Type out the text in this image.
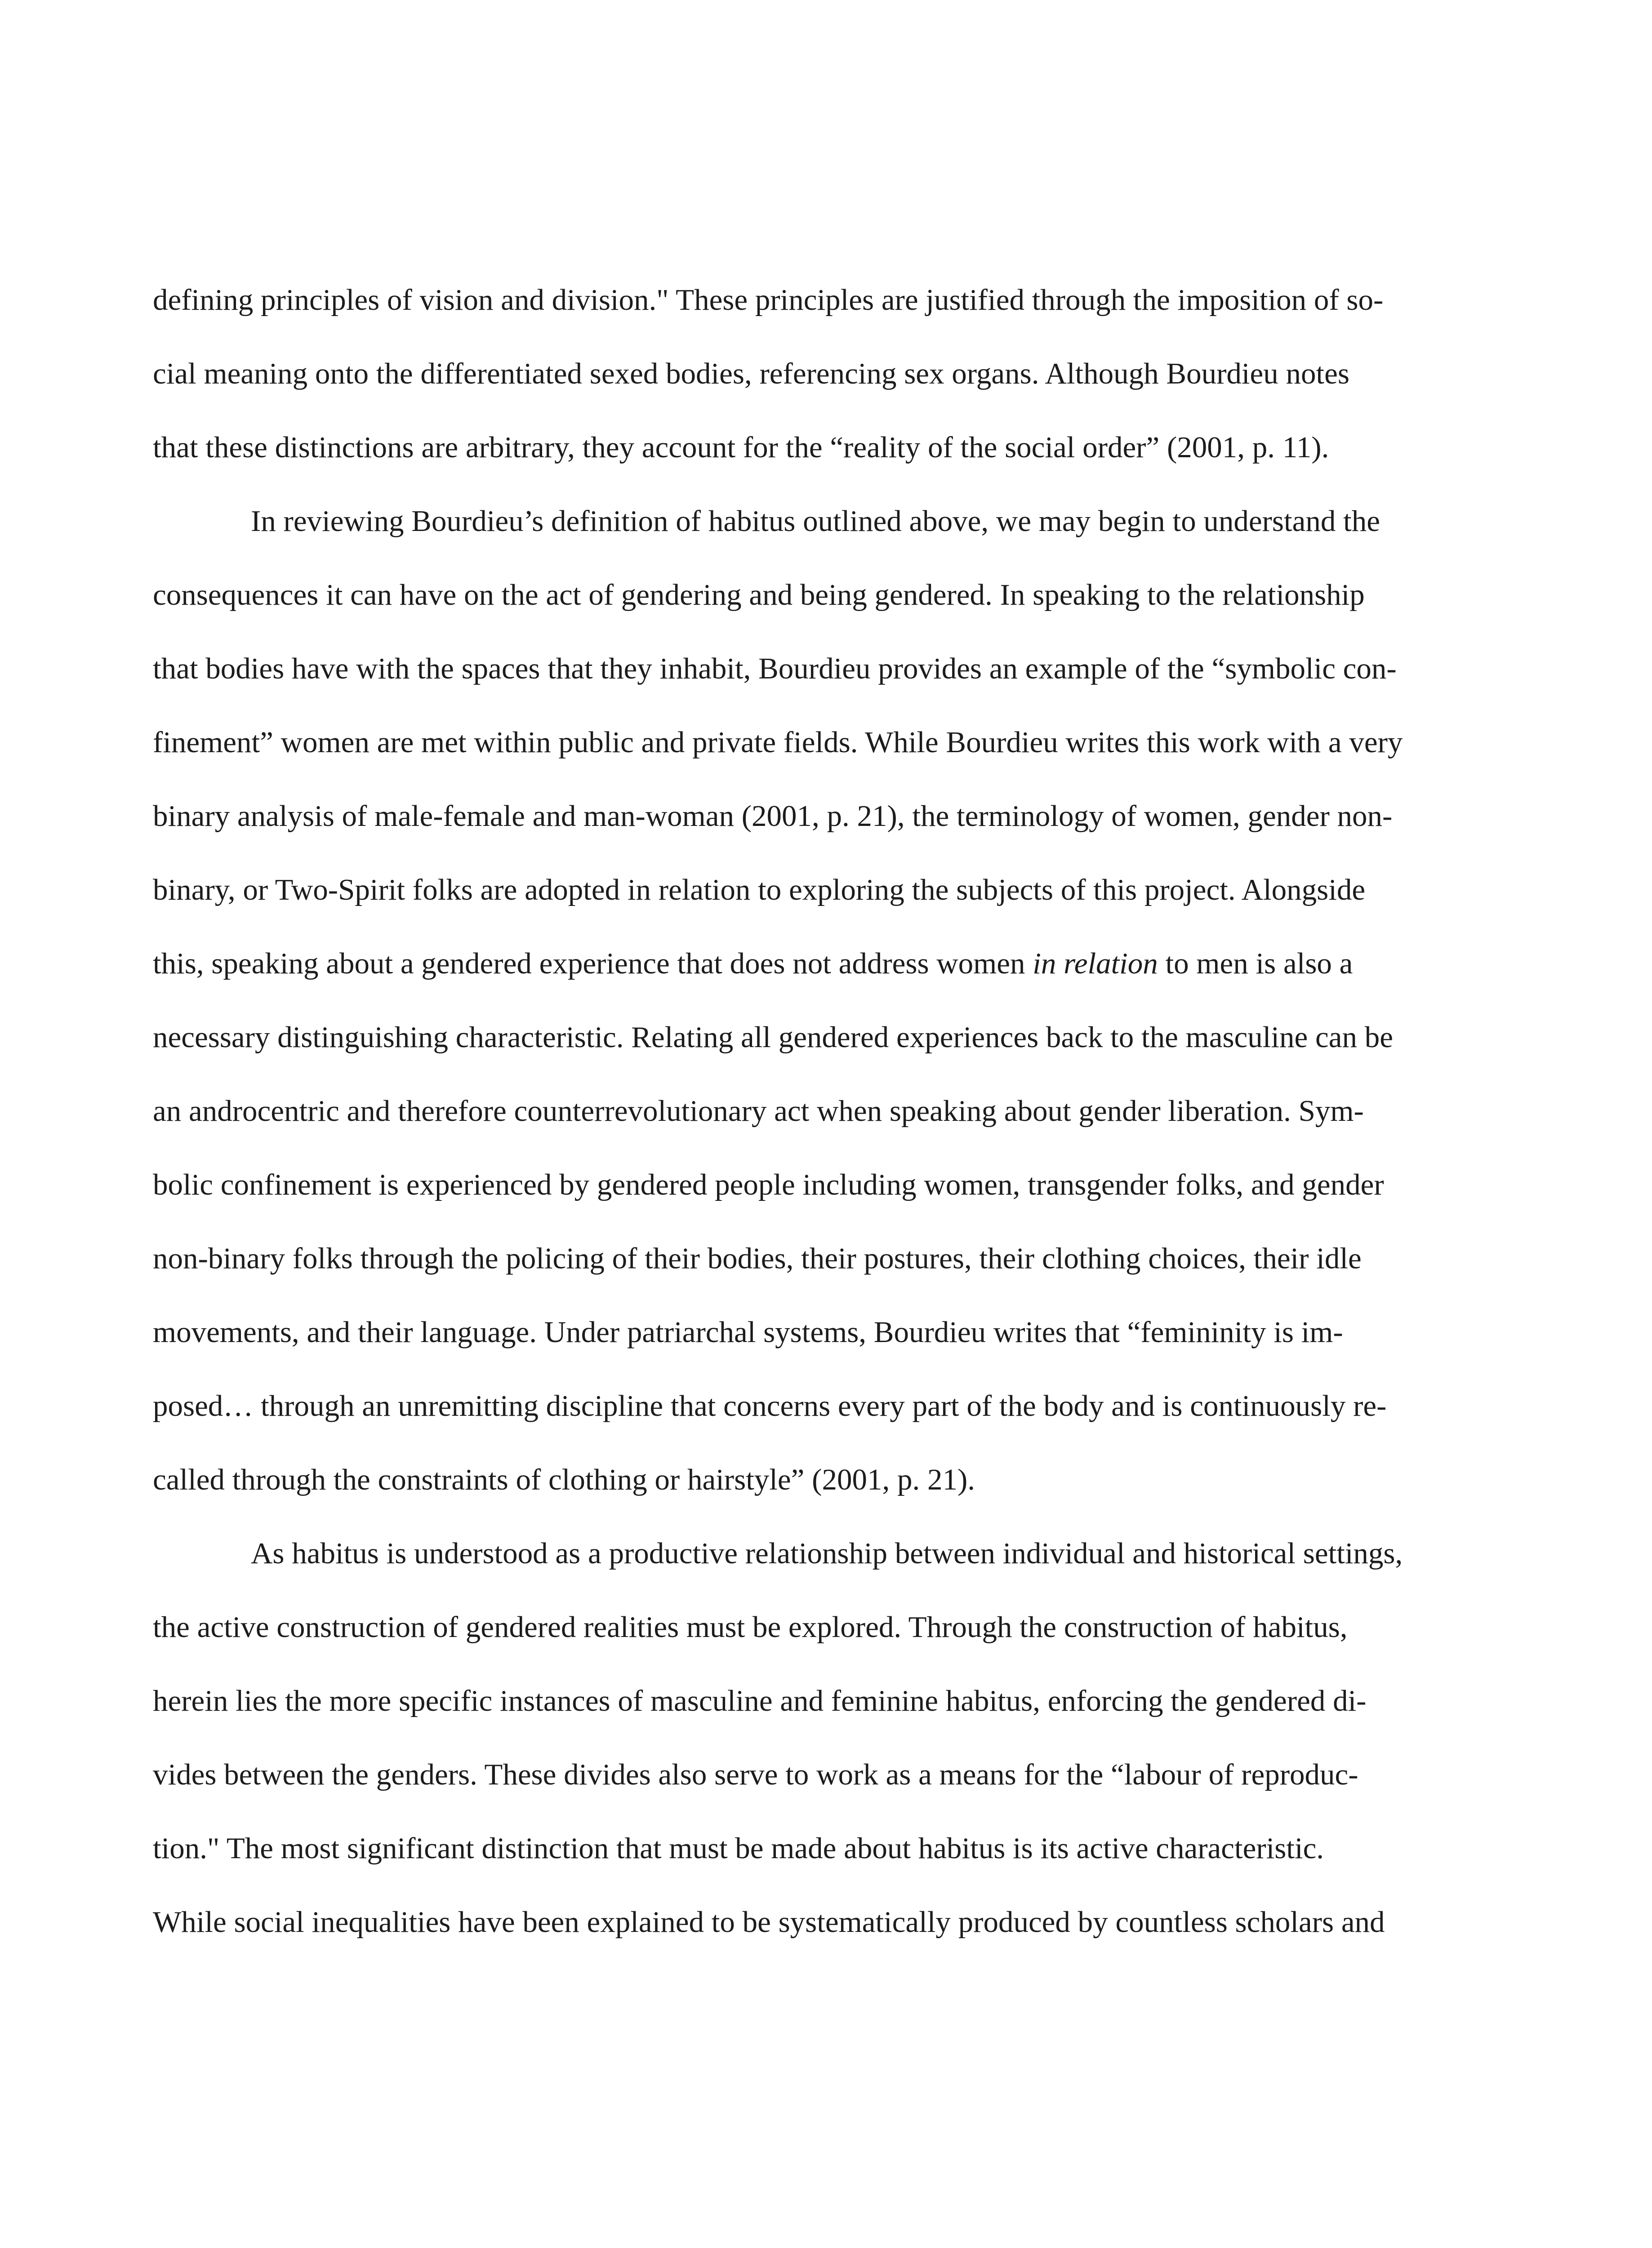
defining principles of vision and division." These principles are justified through the imposition of so-
cial meaning onto the differentiated sexed bodies, referencing sex organs. Although Bourdieu notes
that these distinctions are arbitrary, they account for the “reality of the social order” (2001, p. 11).
In reviewing Bourdieu’s definition of habitus outlined above, we may begin to understand the
consequences it can have on the act of gendering and being gendered. In speaking to the relationship
that bodies have with the spaces that they inhabit, Bourdieu provides an example of the “symbolic con-
finement” women are met within public and private fields. While Bourdieu writes this work with a very
binary analysis of male-female and man-woman (2001, p. 21), the terminology of women, gender non-
binary, or Two-Spirit folks are adopted in relation to exploring the subjects of this project. Alongside
this, speaking about a gendered experience that does not address women in relation to men is also a
necessary distinguishing characteristic. Relating all gendered experiences back to the masculine can be
an androcentric and therefore counterrevolutionary act when speaking about gender liberation. Sym-
bolic confinement is experienced by gendered people including women, transgender folks, and gender
non-binary folks through the policing of their bodies, their postures, their clothing choices, their idle
movements, and their language. Under patriarchal systems, Bourdieu writes that “femininity is im-
posed… through an unremitting discipline that concerns every part of the body and is continuously re-
called through the constraints of clothing or hairstyle” (2001, p. 21).
As habitus is understood as a productive relationship between individual and historical settings,
the active construction of gendered realities must be explored. Through the construction of habitus,
herein lies the more specific instances of masculine and feminine habitus, enforcing the gendered di-
vides between the genders. These divides also serve to work as a means for the “labour of reproduc-
tion." The most significant distinction that must be made about habitus is its active characteristic.
While social inequalities have been explained to be systematically produced by countless scholars and
